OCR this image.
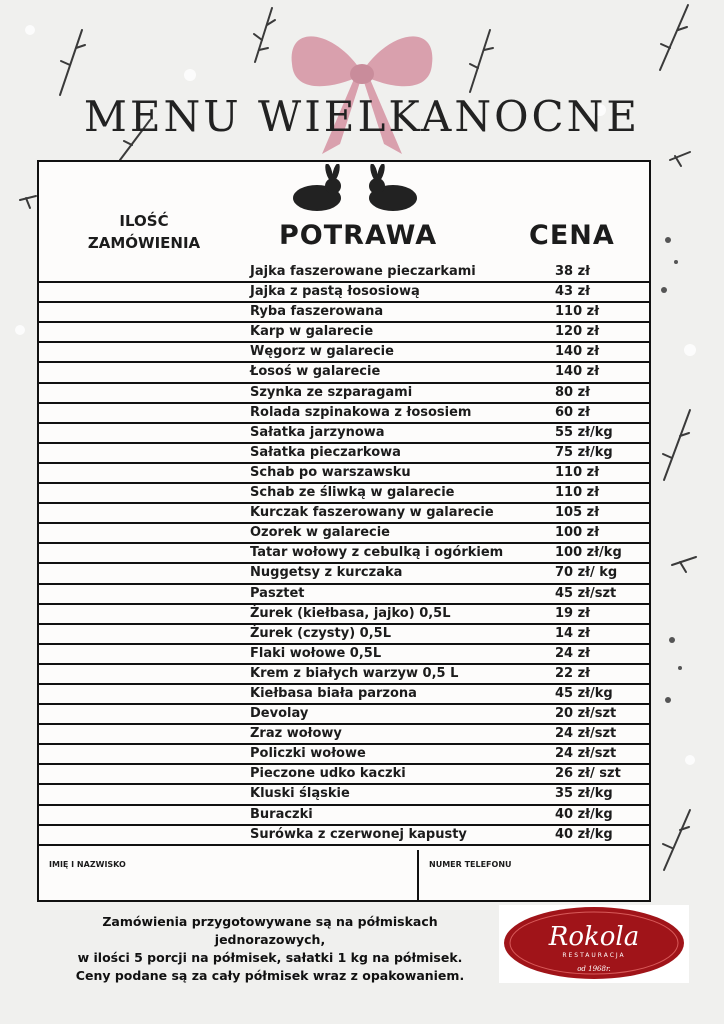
MENU WIELKANOCNE
ILOŚĆ ZAMÓWIENIA	POTRAWA	CENA
Jajka faszerowane pieczarkami	38 zł
Jajka z pastą łososiową	43 zł
Ryba faszerowana	110 zł
Karp w galarecie	120 zł
Węgorz w galarecie	140 zł
Łosoś w galarecie	140 zł
Szynka ze szparagami	80 zł
Rolada szpinakowa z łososiem	60 zł
Sałatka jarzynowa	55 zł/kg
Sałatka pieczarkowa	75 zł/kg
Schab po warszawsku	110 zł
Schab ze śliwką w galarecie	110 zł
Kurczak faszerowany w galarecie	105 zł
Ozorek w galarecie	100 zł
Tatar wołowy z cebulką i ogórkiem	100 zł/kg
Nuggetsy z kurczaka	70 zł/ kg
Pasztet	45 zł/szt
Żurek (kiełbasa, jajko) 0,5L	19 zł
Żurek (czysty) 0,5L	14 zł
Flaki wołowe 0,5L	24 zł
Krem z białych warzyw 0,5 L	22 zł
Kiełbasa biała parzona	45 zł/kg
Devolay	20 zł/szt
Zraz wołowy	24 zł/szt
Policzki wołowe	24 zł/szt
Pieczone udko kaczki	26 zł/ szt
Kluski śląskie	35 zł/kg
Buraczki	40 zł/kg
Surówka z czerwonej kapusty	40 zł/kg
IMIĘ I NAZWISKO	NUMER TELEFONU
Zamówienia przygotowywane są na półmiskach
jednorazowych,
w ilości 5 porcji na półmisek, sałatki 1 kg na półmisek.
Ceny podane są za cały półmisek wraz z opakowaniem.
Rokola
RESTAURACJA
od 1968r.
